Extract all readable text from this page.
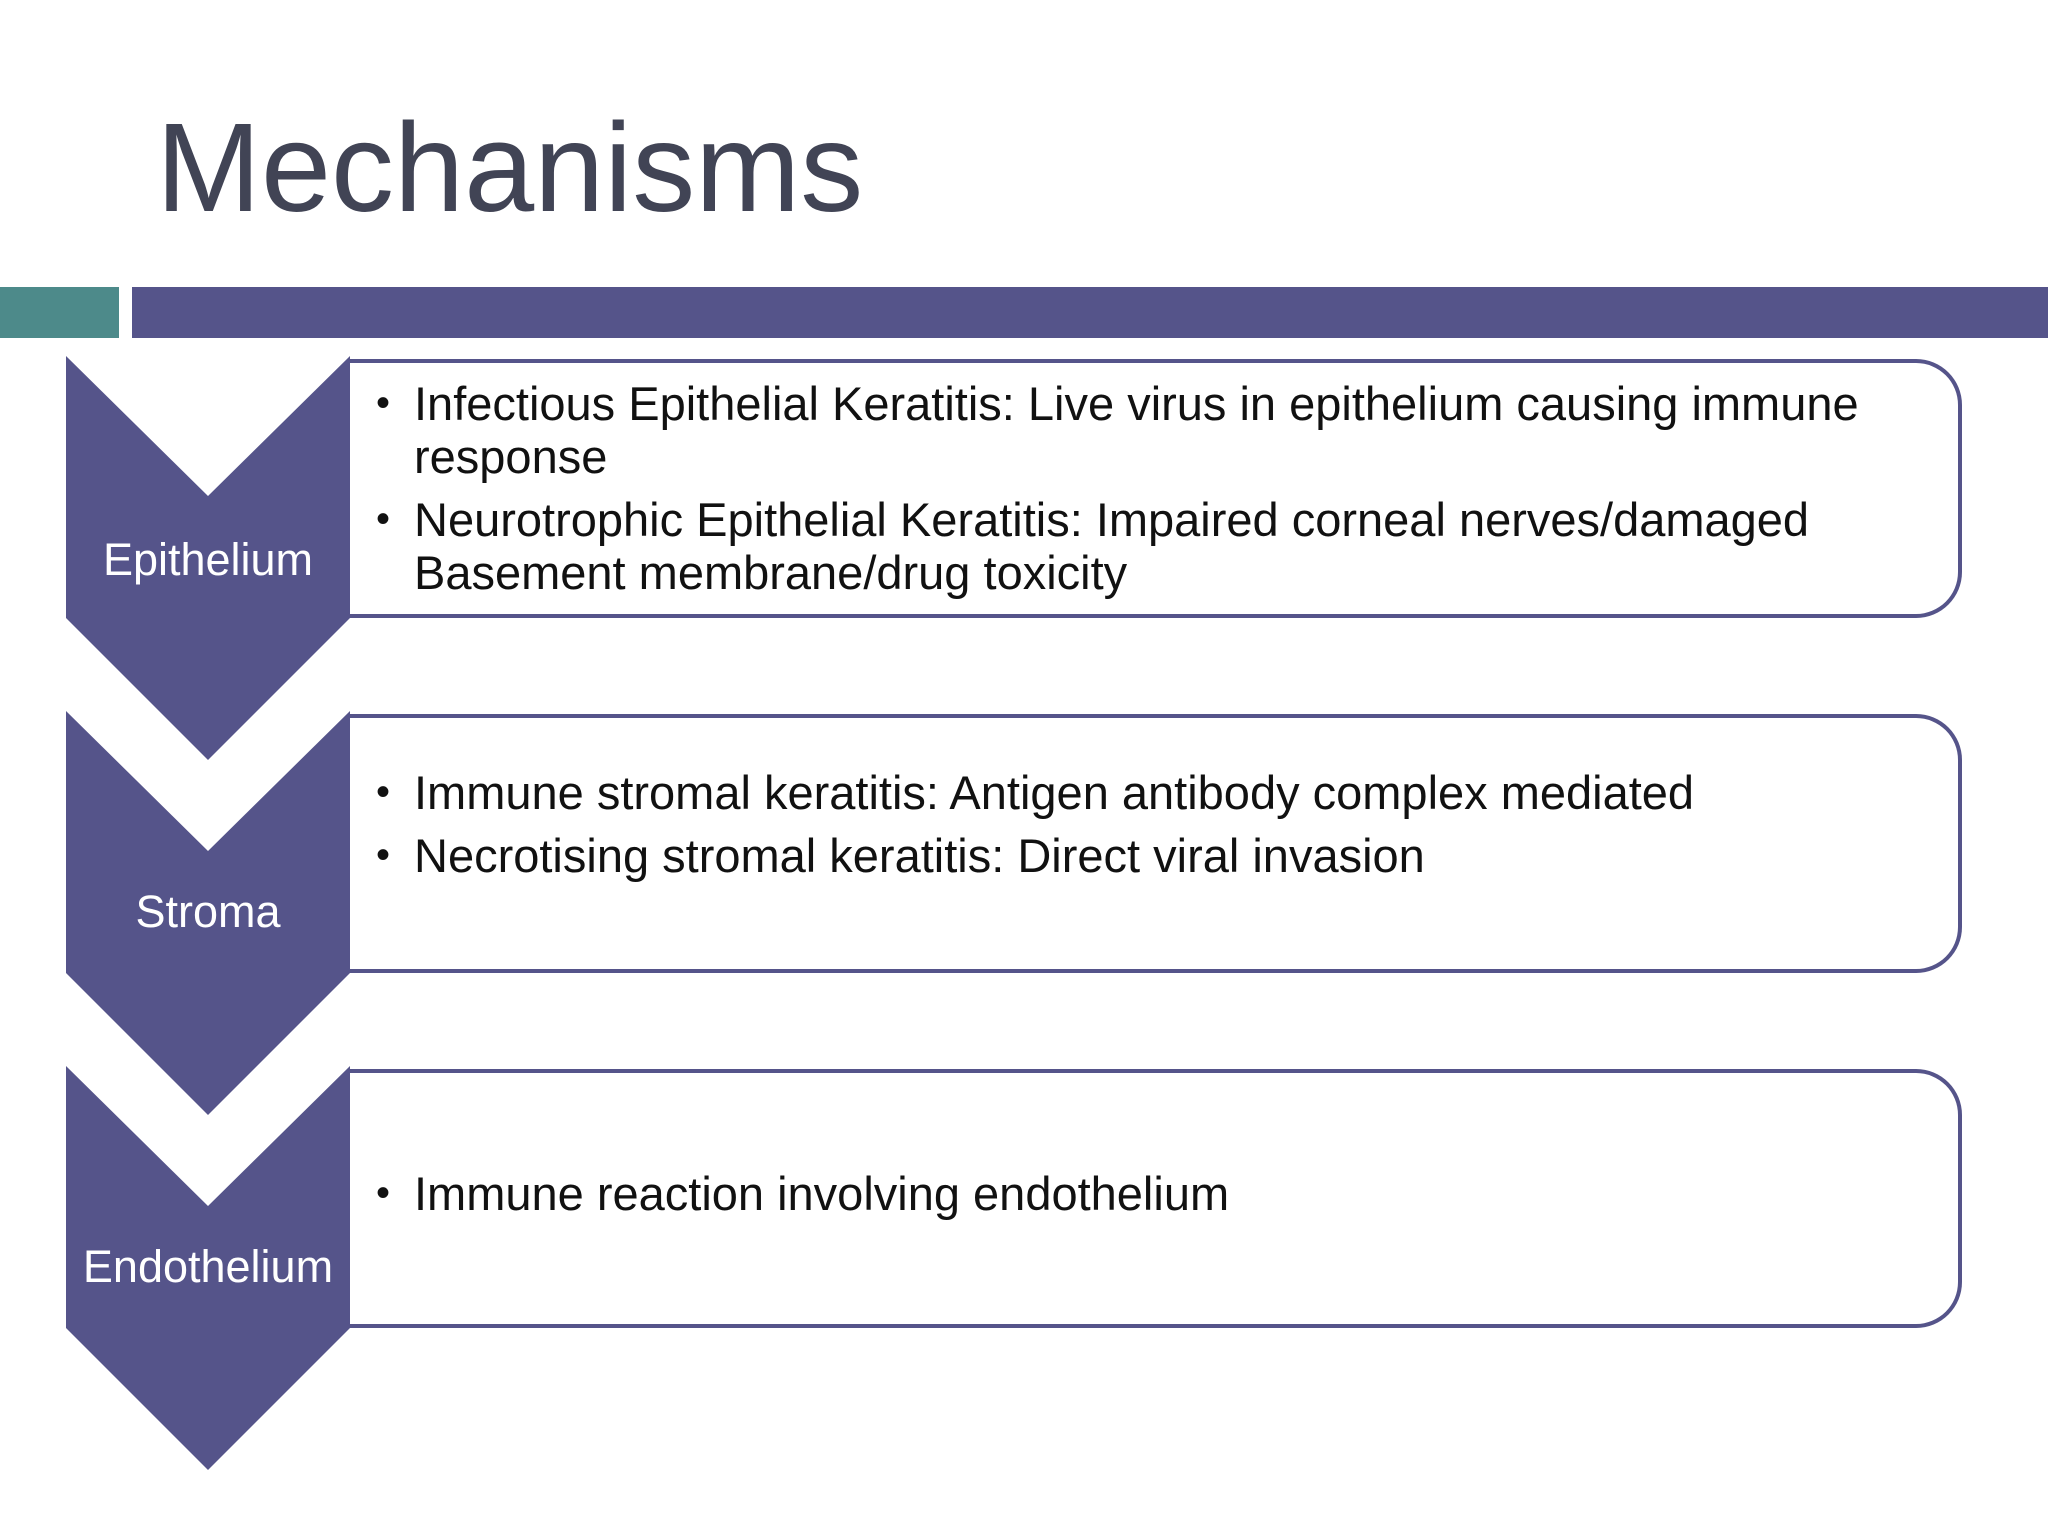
Mechanisms
Epithelium
• Infectious Epithelial Keratitis: Live virus in epithelium causing immune response
• Neurotrophic Epithelial Keratitis: Impaired corneal nerves/damaged Basement membrane/drug toxicity
Stroma
• Immune stromal keratitis: Antigen antibody complex mediated
• Necrotising stromal keratitis: Direct viral invasion
Endothelium
• Immune reaction involving endothelium
